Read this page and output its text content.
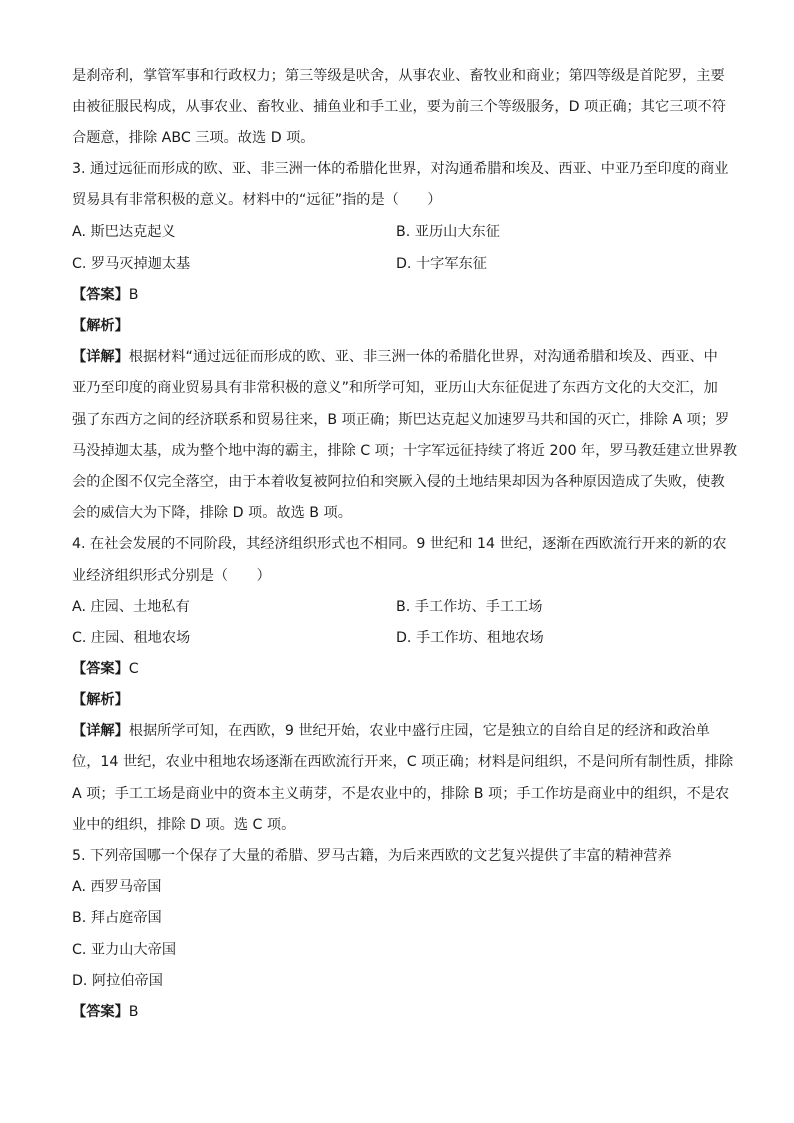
是刹帝利，掌管军事和行政权力；第三等级是吠舍，从事农业、畜牧业和商业；第四等级是首陀罗，主要
由被征服民构成，从事农业、畜牧业、捕鱼业和手工业，要为前三个等级服务，D 项正确；其它三项不符
合题意，排除 ABC 三项。故选 D 项。
3. 通过远征而形成的欧、亚、非三洲一体的希腊化世界，对沟通希腊和埃及、西亚、中亚乃至印度的商业
贸易具有非常积极的意义。材料中的“远征”指的是（　　）
A. 斯巴达克起义	B. 亚历山大东征
C. 罗马灭掉迦太基	D. 十字军东征
【答案】B
【解析】
【详解】根据材料“通过远征而形成的欧、亚、非三洲一体的希腊化世界，对沟通希腊和埃及、西亚、中
亚乃至印度的商业贸易具有非常积极的意义”和所学可知，亚历山大东征促进了东西方文化的大交汇，加
强了东西方之间的经济联系和贸易往来，B 项正确；斯巴达克起义加速罗马共和国的灭亡，排除 A 项；罗
马没掉迦太基，成为整个地中海的霸主，排除 C 项；十字军远征持续了将近 200 年，罗马教廷建立世界教
会的企图不仅完全落空，由于本着收复被阿拉伯和突厥入侵的土地结果却因为各种原因造成了失败，使教
会的威信大为下降，排除 D 项。故选 B 项。
4. 在社会发展的不同阶段，其经济组织形式也不相同。9 世纪和 14 世纪，逐渐在西欧流行开来的新的农
业经济组织形式分别是（　　）
A. 庄园、土地私有	B. 手工作坊、手工工场
C. 庄园、租地农场	D. 手工作坊、租地农场
【答案】C
【解析】
【详解】根据所学可知，在西欧，9 世纪开始，农业中盛行庄园，它是独立的自给自足的经济和政治单
位，14 世纪，农业中租地农场逐渐在西欧流行开来，C 项正确；材料是问组织，不是问所有制性质，排除
A 项；手工工场是商业中的资本主义萌芽，不是农业中的，排除 B 项；手工作坊是商业中的组织，不是农
业中的组织，排除 D 项。选 C 项。
5. 下列帝国哪一个保存了大量的希腊、罗马古籍，为后来西欧的文艺复兴提供了丰富的精神营养
A. 西罗马帝国
B. 拜占庭帝国
C. 亚力山大帝国
D. 阿拉伯帝国
【答案】B
